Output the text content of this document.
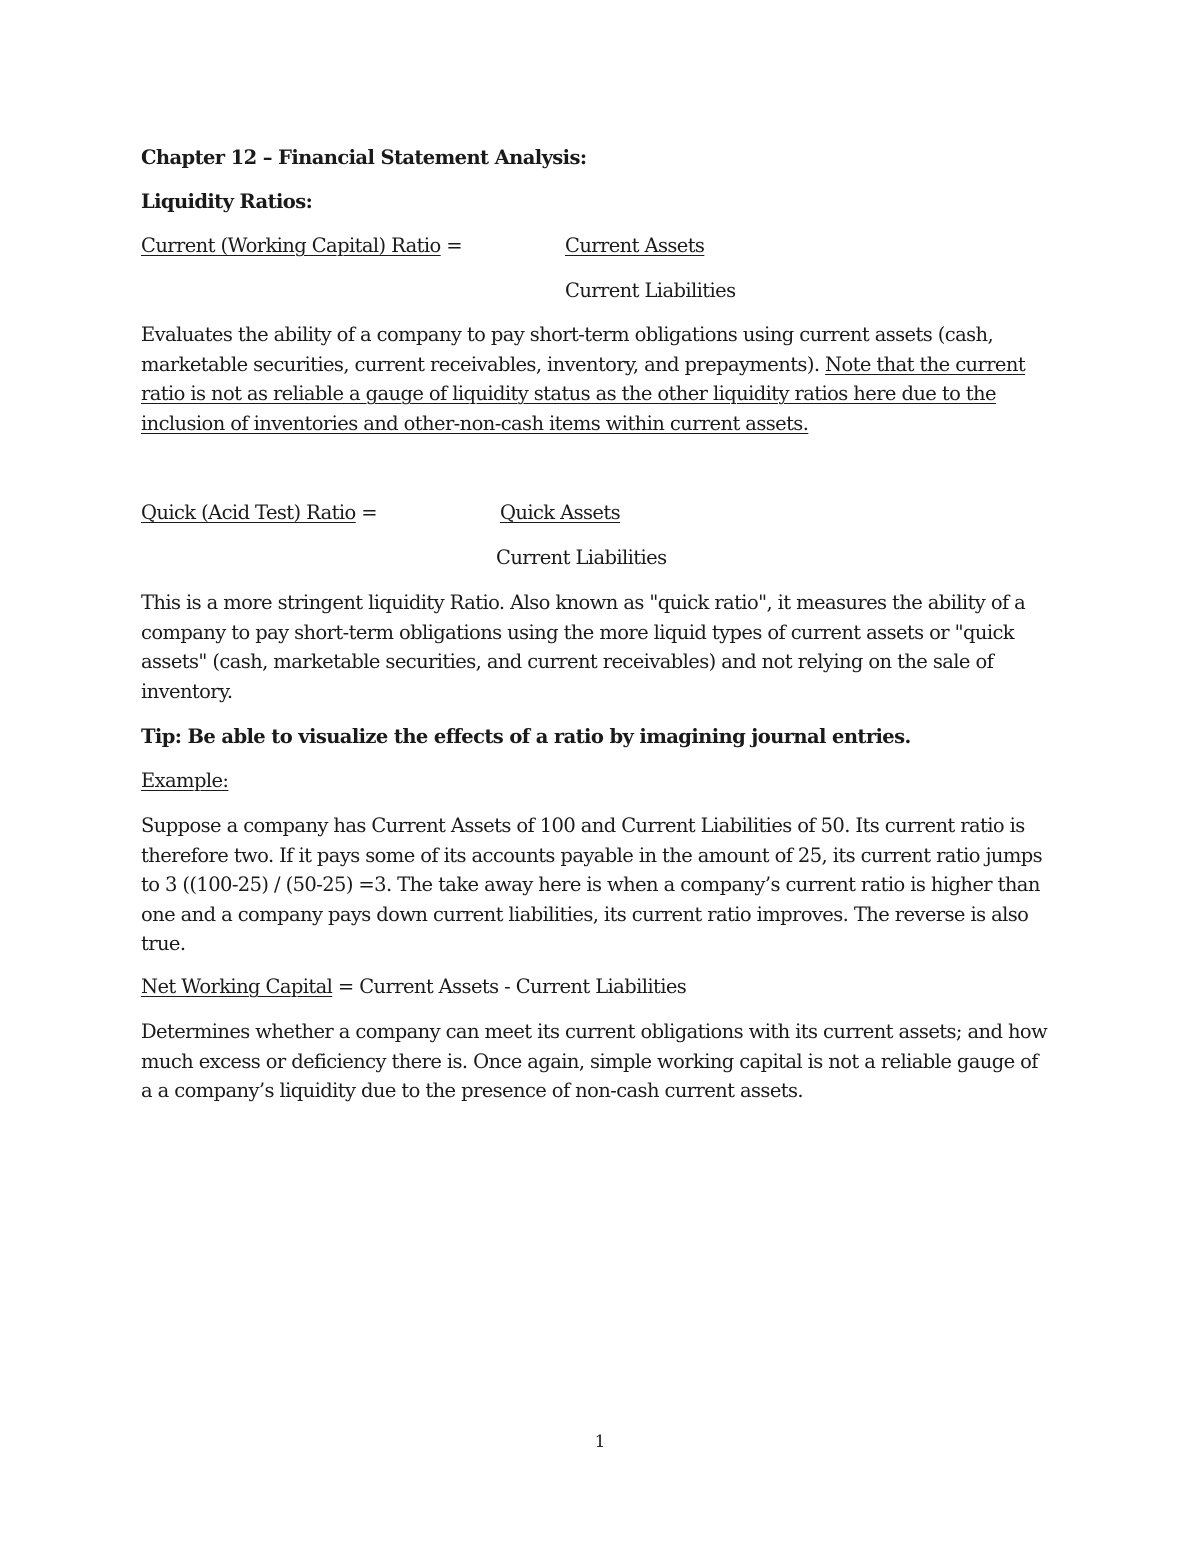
Chapter 12 – Financial Statement Analysis:
Liquidity Ratios:
Current (Working Capital) Ratio =	Current Assets
Current Liabilities
Evaluates the ability of a company to pay short-term obligations using current assets (cash,
marketable securities, current receivables, inventory, and prepayments). Note that the current
ratio is not as reliable a gauge of liquidity status as the other liquidity ratios here due to the
inclusion of inventories and other-non-cash items within current assets.
Quick (Acid Test) Ratio =	Quick Assets
Current Liabilities
This is a more stringent liquidity Ratio. Also known as "quick ratio", it measures the ability of a
company to pay short-term obligations using the more liquid types of current assets or "quick
assets" (cash, marketable securities, and current receivables) and not relying on the sale of
inventory.
Tip: Be able to visualize the effects of a ratio by imagining journal entries.
Example:
Suppose a company has Current Assets of 100 and Current Liabilities of 50. Its current ratio is
therefore two. If it pays some of its accounts payable in the amount of 25, its current ratio jumps
to 3 ((100-25) / (50-25) =3. The take away here is when a company’s current ratio is higher than
one and a company pays down current liabilities, its current ratio improves. The reverse is also
true.
Net Working Capital = Current Assets - Current Liabilities
Determines whether a company can meet its current obligations with its current assets; and how
much excess or deficiency there is. Once again, simple working capital is not a reliable gauge of
a a company’s liquidity due to the presence of non-cash current assets.
1
